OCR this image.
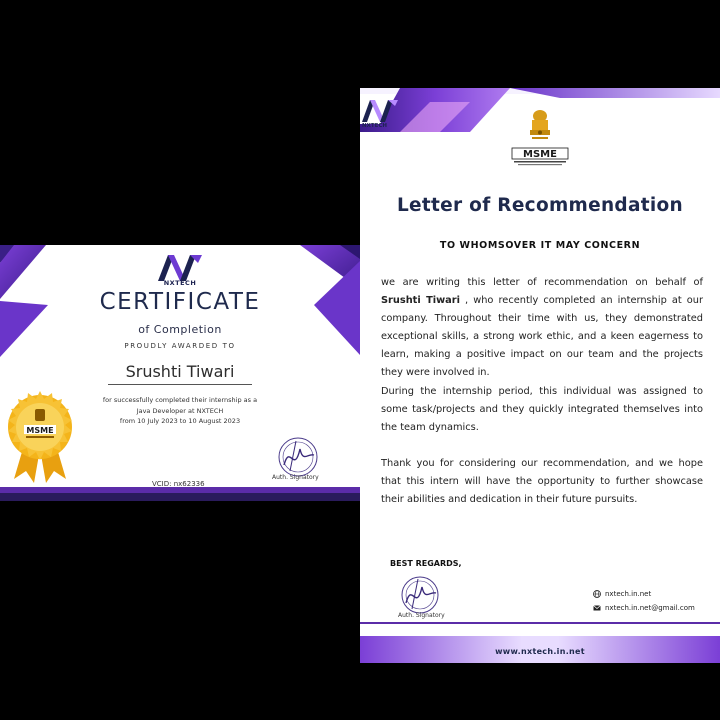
NXTECH
CERTIFICATE
of Completion
PROUDLY AWARDED TO
Srushti Tiwari
for successfully completed their internship as a
Java Developer at NXTECH
from 10 July 2023 to 10 August 2023
MSME
Auth. Signatory
VCID: nx62336
NXTECH
MSME
Letter of Recommendation
TO WHOMSOVER IT MAY CONCERN

we are writing this letter of recommendation on behalf of Srushti Tiwari , who recently completed an internship at our company. Throughout their time with us, they demonstrated exceptional skills, a strong work ethic, and a keen eagerness to learn, making a positive impact on our team and the projects they were involved in.

During the internship period, this individual was assigned to some task/projects and they quickly integrated themselves into the team dynamics.

Thank you for considering our recommendation, and we hope that this intern will have the opportunity to further showcase their abilities and dedication in their future pursuits.

BEST REGARDS,
Auth. Signatory
nxtech.in.net
nxtech.in.net@gmail.com
www.nxtech.in.net
